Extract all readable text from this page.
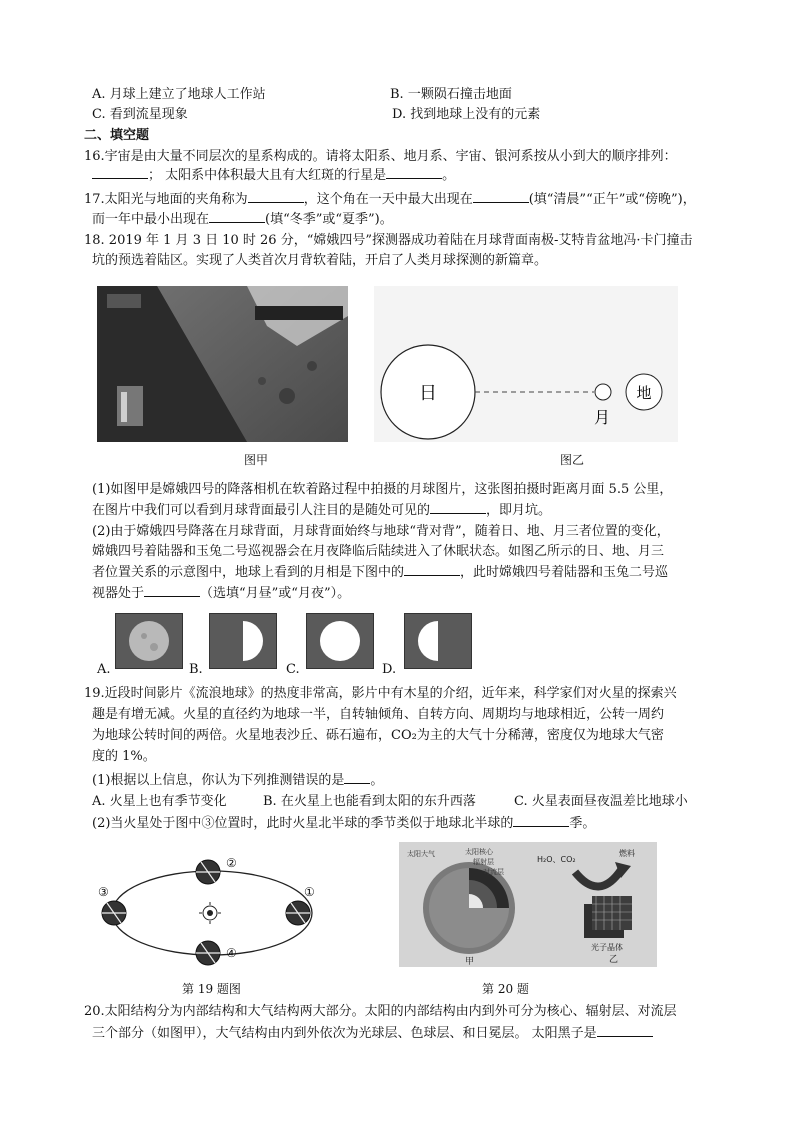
A. 月球上建立了地球人工作站	B. 一颗陨石撞击地面
C. 看到流星现象	D. 找到地球上没有的元素
二、填空题
16.宇宙是由大量不同层次的星系构成的。请将太阳系、地月系、宇宙、银河系按从小到大的顺序排列：
； 太阳系中体积最大且有大红斑的行星是	。
17.太阳光与地面的夹角称为	，这个角在一天中最大出现在	(填“清晨”“正午”或“傍晚”)，
而一年中最小出现在	(填“冬季”或“夏季”)。
18. 2019 年 1 月 3 日 10 时 26 分，“嫦娥四号”探测器成功着陆在月球背面南极-艾特肯盆地冯·卡门撞击
坑的预选着陆区。实现了人类首次月背软着陆，开启了人类月球探测的新篇章。
图甲
日	地
月
图乙
(1)如图甲是嫦娥四号的降落相机在软着路过程中拍摄的月球图片，这张图拍摄时距离月面 5.5 公里，
在图片中我们可以看到月球背面最引人注目的是随处可见的	，即月坑。
(2)由于嫦娥四号降落在月球背面，月球背面始终与地球“背对背”，随着日、地、月三者位置的变化，
嫦娥四号着陆器和玉兔二号巡视器会在月夜降临后陆续进入了休眠状态。如图乙所示的日、地、月三
者位置关系的示意图中，地球上看到的月相是下图中的	，此时嫦娥四号着陆器和玉兔二号巡
视器处于	（选填“月昼”或“月夜”）。
A.	B.	C.	D.
19.近段时间影片《流浪地球》的热度非常高，影片中有木星的介绍，近年来，科学家们对火星的探索兴
趣是有增无减。火星的直径约为地球一半，自转轴倾角、自转方向、周期均与地球相近，公转一周约
为地球公转时间的两倍。火星地表沙丘、砾石遍布，CO₂为主的大气十分稀薄，密度仅为地球大气密
度的 1%。
(1)根据以上信息，你认为下列推测错误的是 。
A. 火星上也有季节变化	B. 在火星上也能看到太阳的东升西落	C. 火星表面昼夜温差比地球小
(2)当火星处于图中③位置时，此时火星北半球的季节类似于地球北半球的	季。
②
①
③
④
第 19 题图
太阳大气	太阳核心
辐射层
对流层
H₂O、CO₂
燃料
光子晶体
甲	乙
第 20 题
20.太阳结构分为内部结构和大气结构两大部分。太阳的内部结构由内到外可分为核心、辐射层、对流层
三个部分（如图甲），大气结构由内到外依次为光球层、色球层、和日冕层。 太阳黑子是
